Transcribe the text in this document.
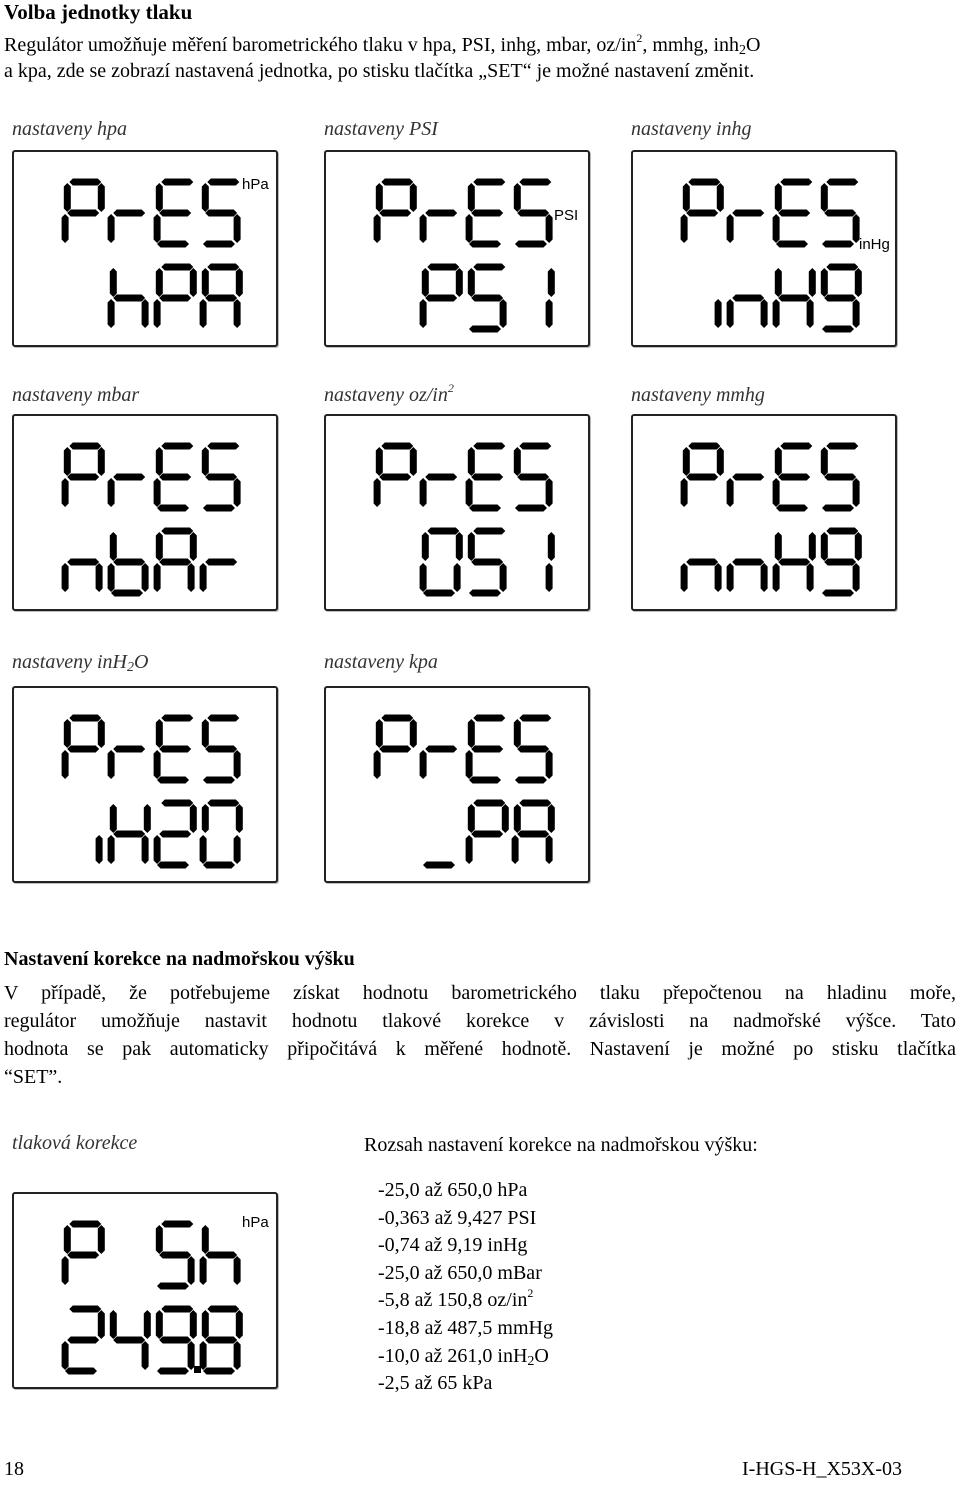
Volba jednotky tlaku
Regulátor umožňuje měření barometrického tlaku v hpa, PSI, inhg, mbar, $oz/in^2$, mmhg, inh$_2$O
a kpa, zde se zobrazí nastavená jednotka, po stisku tlačítka „SET“ je možné nastavení změnit.
nastaveny hpa
hPa
nastaveny PSI
PSI
nastaveny inhg
inHg
nastaveny mbar	nastaveny $oz/in^2$	nastaveny mmhg
nastaveny inH$_2$O	nastaveny kpa
Nastavení korekce na nadmořskou výšku
V případě, že potřebujeme získat hodnotu barometrického tlaku přepočtenou na hladinu moře,
regulátor umožňuje nastavit hodnotu tlakové korekce v závislosti na nadmořské výšce. Tato
hodnota se pak automaticky připočitává k měřené hodnotě. Nastavení je možné po stisku tlačítka
“SET”.
tlaková korekce
hPa
Rozsah nastavení korekce na nadmořskou výšku:
-25,0 až 650,0 hPa
-0,363 až 9,427 PSI
-0,74 až 9,19 inHg
-25,0 až 650,0 mBar
-5,8 až 150,8 $oz/in^2$
-18,8 až 487,5 mmHg
-10,0 až 261,0 inH$_2$O
-2,5 až 65 kPa
18	I-HGS-H_X53X-03
